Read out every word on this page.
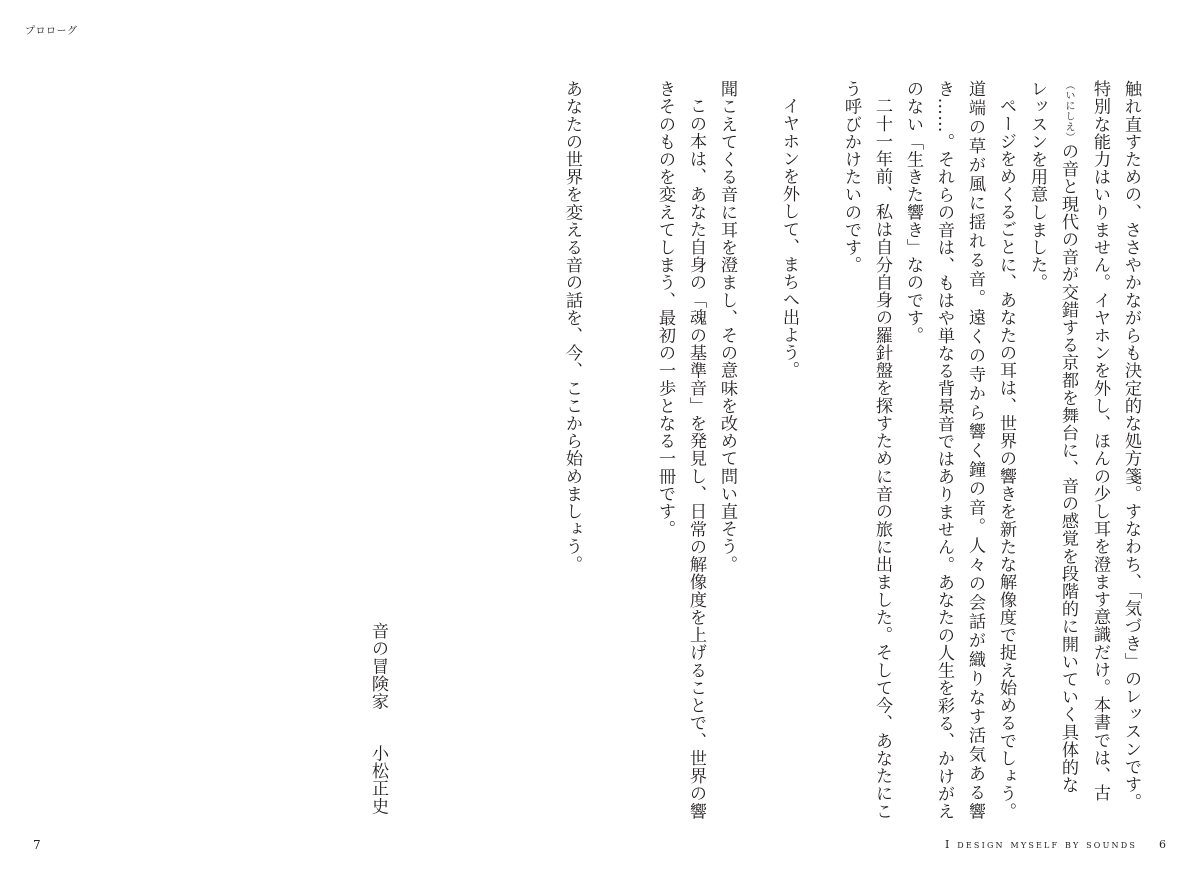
プロローグ

触れ直すための、ささやかながらも決定的な処方箋。すなわち、「気づき」のレッスンです。

特別な能力はいりません。イヤホンを外し、ほんの少し耳を澄ます意識だけ。本書では、古

（いにしえ）の音と現代の音が交錯する京都を舞台に、音の感覚を段階的に開いていく具体的な

レッスンを用意しました。

ページをめくるごとに、あなたの耳は、世界の響きを新たな解像度で捉え始めるでしょう。道端の草が風に揺れる音。遠くの寺から響く鐘の音。人々の会話が織りなす活気ある響き……。それらの音は、もはや単なる背景音ではありません。あなたの人生を彩る、かけがえのない「生きた響き」なのです。

二十一年前、私は自分自身の羅針盤を探すために音の旅に出ました。そして今、あなたにこう呼びかけたいのです。

イヤホンを外して、まちへ出よう。

聞こえてくる音に耳を澄まし、その意味を改めて問い直そう。

この本は、あなた自身の「魂の基準音」を発見し、日常の解像度を上げることで、世界の響きそのものを変えてしまう、最初の一歩となる一冊です。

あなたの世界を変える音の話を、今、ここから始めましょう。

音の冒険家小松正史
7	I design myself by sounds 6
